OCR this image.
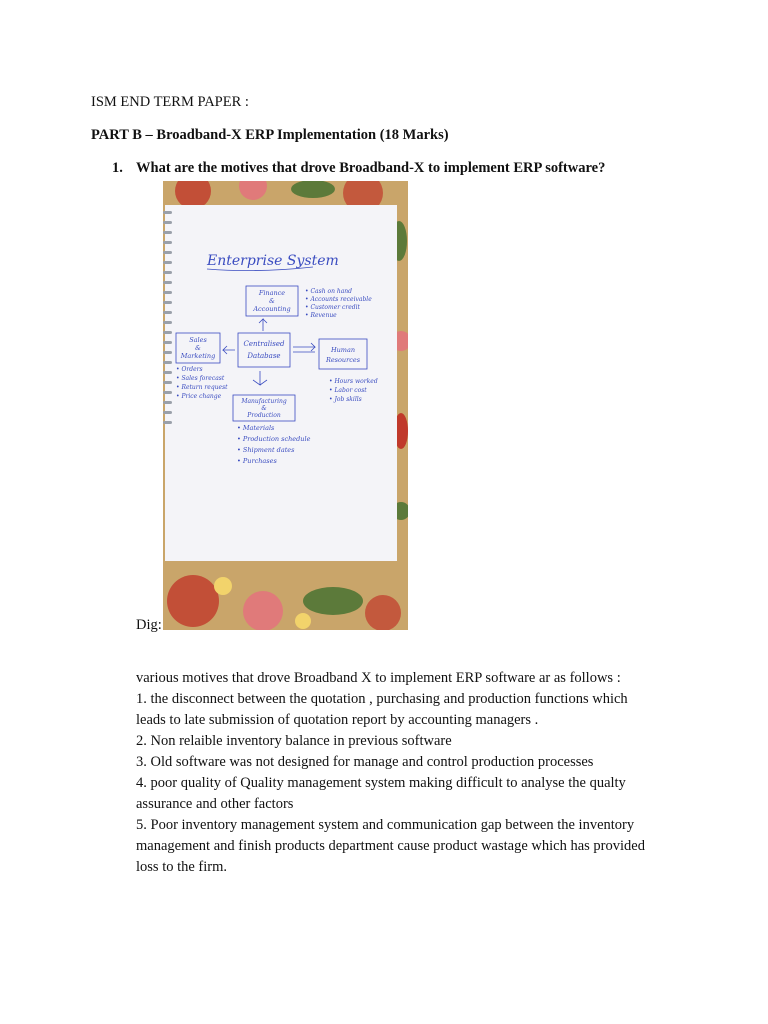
ISM END TERM PAPER :
PART B – Broadband-X ERP Implementation (18 Marks)
1. What are the motives that drove Broadband-X to implement ERP software?
Enterprise System
Finance
&
Accounting
• Cash on hand
• Accounts receivable
• Customer credit
• Revenue
Centralised
Database
Sales
&
Marketing
Human
Resources
• Orders
• Sales forecast
• Return request
• Price change
• Hours worked
• Labor cost
• Job skills
Manufacturing
&
Production
• Materials
• Production schedule
• Shipment dates
• Purchases
Dig:

various motives that drove Broadband X to implement ERP software ar as follows :

1. the disconnect between the quotation , purchasing and production functions which

leads to late submission of quotation report by accounting managers .

2. Non relaible inventory balance in previous software

3. Old software was not designed for manage and control production processes

4. poor quality of Quality management system making difficult to analyse the qualty

assurance and other factors

5. Poor inventory management system and communication gap between the inventory

management and finish products department cause product wastage which has provided

loss to the firm.
